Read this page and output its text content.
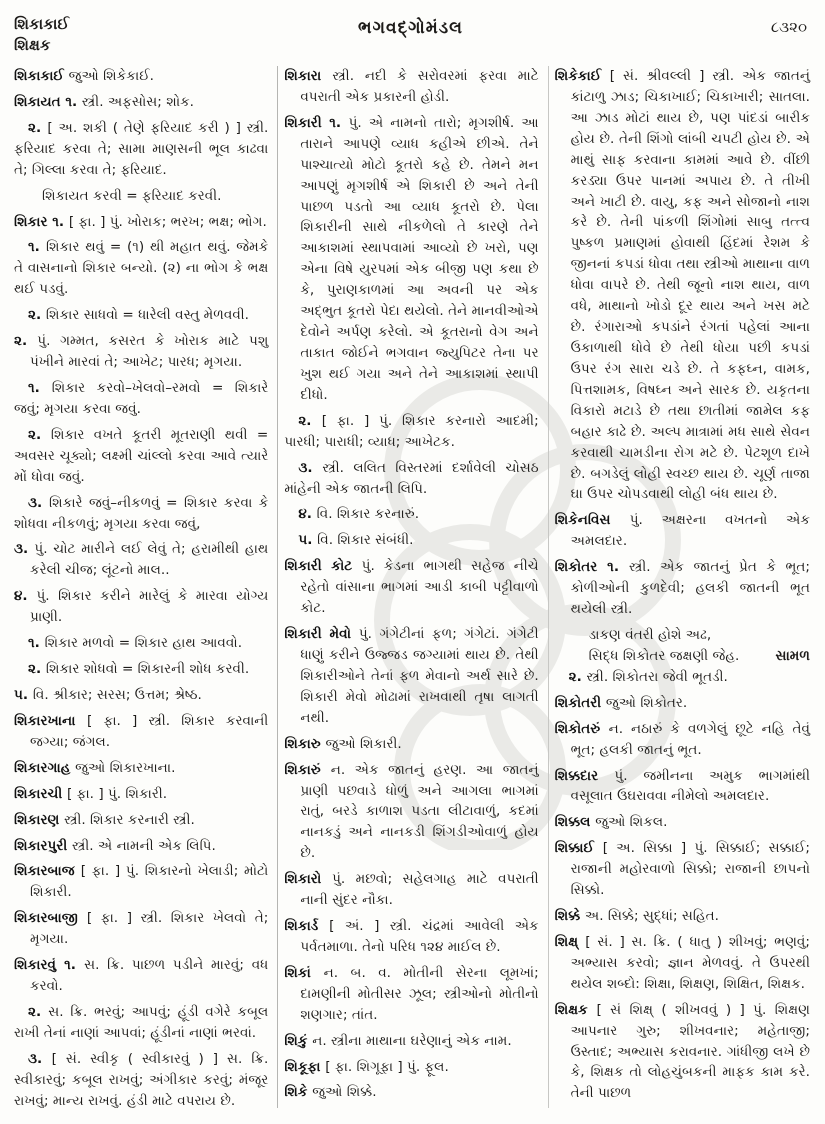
શિકાકાઈ
શિક્ષક
ભગવદ્ગોમંડલ	૮૩૨૦

શિકાકાઈ જુઓ શિકેકાઈ.

શિકાયત ૧. સ્ત્રી. અફસોસ; શોક.

૨. [ અ. શકી ( તેણે ફરિયાદ કરી ) ] સ્ત્રી. ફરિયાદ કરવા તે; સામા માણસની ભૂલ કાઢવા તે; ગિલ્લા કરવા તે; ફરિયાદ.

શિકાયત કરવી = ફરિયાદ કરવી.

શિકાર ૧. [ ફા. ] પું. ખોરાક; ભરખ; ભક્ષ; ભોગ.

૧. શિકાર થવું = (૧) થી મહાત થવું. જેમકે તે વાસનાનો શિકાર બન્યો. (૨) ના ભોગ કે ભક્ષ થઈ પડવું.

૨. શિકાર સાધવો = ધારેલી વસ્તુ મેળવવી.

૨. પું. ગમ્મત, કસરત કે ખોરાક માટે પશુ પંખીને મારવાં તે; આખેટ; પારધ; મૃગયા.

૧. શિકાર કરવો–ખેલવો–રમવો = શિકારે જવું; મૃગયા કરવા જવું.

૨. શિકાર વખતે કૂતરી મૂતરાણી થવી = અવસર ચૂક્યો; લક્ષ્મી ચાંલ્લો કરવા આવે ત્યારે મોં ધોવા જવું.

૩. શિકારે જવું–નીકળવું = શિકાર કરવા કે શોધવા નીકળવું; મૃગયા કરવા જવું,

૩. પું. ચોટ મારીને લઈ લેવું તે; હરામીથી હાથ કરેલી ચીજ; લૂંટનો માલ..

૪. પું. શિકાર કરીને મારેલું કે મારવા યોગ્ય પ્રાણી.

૧. શિકાર મળવો = શિકાર હાથ આવવો.

૨. શિકાર શોધવો = શિકારની શોધ કરવી.

૫. વિ. શ્રીકાર; સરસ; ઉત્તમ; શ્રેષ્ઠ.

શિકારખાના [ ફા. ] સ્ત્રી. શિકાર કરવાની જગ્યા; જંગલ.

શિકારગાહ જુઓ શિકારખાના.

શિકારચી [ ફા. ] પું. શિકારી.

શિકારણ સ્ત્રી. શિકાર કરનારી સ્ત્રી.

શિકારપુરી સ્ત્રી. એ નામની એક લિપિ.

શિકારબાજ [ ફા. ] પું. શિકારનો ખેલાડી; મોટો શિકારી.

શિકારબાજી [ ફા. ] સ્ત્રી. શિકાર ખેલવો તે; મૃગયા.

શિકારવું ૧. સ. ક્રિ. પાછળ પડીને મારવું; વધ કરવો.

૨. સ. ક્રિ. ભરવું; આપવું; હૂંડી વગેરે કબૂલ રાખી તેનાં નાણાં આપવાં; હૂંડીનાં નાણાં ભરવાં.

૩. [ સં. સ્વીકૃ ( સ્વીકારવું ) ] સ. ક્રિ. સ્વીકારવું; કબૂલ રાખવું; અંગીકાર કરવું; મંજૂર રાખવું; માન્ય રાખવું. હૂંડી માટે વપરાય છે.

શિકારા સ્ત્રી. નદી કે સરોવરમાં ફરવા માટે વપરાતી એક પ્રકારની હોડી.

શિકારી ૧. પું. એ નામનો તારો; મૃગશીર્ષ. આ તારાને આપણે વ્યાધ કહીએ છીએ. તેને પાશ્ચાત્યો મોટો કૂતરો કહે છે. તેમને મન આપણું મૃગશીર્ષ એ શિકારી છે અને તેની પાછળ પડતો આ વ્યાધ કૂતરો છે. પેલા શિકારીની સાથે નીકળેલો તે કારણે તેને આકાશમાં સ્થાપવામાં આવ્યો છે ખરો, પણ એના વિષે યુરપમાં એક બીજી પણ કથા છે કે, પુરાણકાળમાં આ અવની પર એક અદ્ભુત કૂતરો પેદા થયેલો. તેને માનવીઓએ દેવોને અર્પણ કરેલો. એ કૂતરાનો વેગ અને તાકાત જોઈને ભગવાન જ્યુપિટર તેના પર ખુશ થઈ ગયા અને તેને આકાશમાં સ્થાપી દીધો.

૨. [ ફા. ] પું. શિકાર કરનારો આદમી; પારધી; પારાધી; વ્યાધ; આખેટક.

૩. સ્ત્રી. લલિત વિસ્તરમાં દર્શાવેલી ચોસઠ માંહેની એક જાતની લિપિ.

૪. વિ. શિકાર કરનારું.

૫. વિ. શિકાર સંબંધી.

શિકારી કોટ પું. કેડના ભાગથી સહેજ નીચે રહેતો વાંસાના ભાગમાં આડી કાબી પટ્ટીવાળો કોટ.

શિકારી મેવો પું. ગંગેટીનાં ફળ; ગંગેટાં. ગંગેટી ધાણું કરીને ઉજ્જડ જગ્યામાં થાય છે. તેથી શિકારીઓને તેનાં ફળ મેવાનો અર્થ સારે છે. શિકારી મેવો મોઢામાં રાખવાથી તૃષા લાગતી નથી.

શિકારુ જુઓ શિકારી.

શિકારું ન. એક જાતનું હરણ. આ જાતનું પ્રાણી પછવાડે ધોળું અને આગલા ભાગમાં રાતું, બરડે કાળાશ પડતા લીટાવાળું, કદમાં નાનકડું અને નાનકડી શિંગડીઓવાળું હોય છે.

શિકારો પું. મછવો; સહેલગાહ માટે વપરાતી નાની સુંદર નૌકા.

શિકાર્ડ [ અં. ] સ્ત્રી. ચંદ્રમાં આવેલી એક પર્વતમાળા. તેનો પરિધ ૧૨૪ માઈલ છે.

શિકાં ન. બ. વ. મોતીની સેરના લૂમખાં; દામણીની મોતીસર ઝૂલ; સ્ત્રીઓનો મોતીનો શણગાર; તાંત.

શિકું ન. સ્ત્રીના માથાના ઘરેણાનું એક નામ.

શિકૂફા [ ફા. શિગૂફા ] પું. ફૂલ.

શિકે જુઓ શિક્કે.

શિકેકાઈ [ સં. શ્રીવલ્લી ] સ્ત્રી. એક જાતનું કાંટાળુ ઝાડ; ચિકાખાઈ; ચિકાખારી; સાતલા. આ ઝાડ મોટાં થાય છે, પણ પાંદડાં બારીક હોય છે. તેની શિંગો લાંબી ચપટી હોય છે. એ માથું સાફ કરવાના કામમાં આવે છે. વીંછી કરડ્યા ઉપર પાનમાં અપાય છે. તે તીખી અને ખાટી છે. વાયુ, કફ અને સોજાનો નાશ કરે છે. તેની પાંકળી શિંગોમાં સાબુ તત્ત્વ પુષ્કળ પ્રમાણમાં હોવાથી હિંદમાં રેશમ કે જીનનાં કપડાં ધોવા તથા સ્ત્રીઓ માથાના વાળ ધોવા વાપરે છે. તેથી જૂનો નાશ થાય, વાળ વધે, માથાનો ખોડો દૂર થાય અને ખસ મટે છે. રંગારાઓ કપડાંને રંગતાં પહેલાં આના ઉકાળાથી ધોવે છે તેથી ધોયા પછી કપડાં ઉપર રંગ સારા ચડે છે. તે કફઘ્ન, વામક, પિત્તશામક, વિષઘ્ન અને સારક છે. યકૃતના વિકારો મટાડે છે તથા છાતીમાં જામેલ કફ બહાર કાઢે છે. અલ્પ માત્રામાં મધ સાથે સેવન કરવાથી ચામડીના રોગ મટે છે. પેટશૂળ દાખે છે. બગડેલું લોહી સ્વચ્છ થાય છે. ચૂર્ણ તાજા ઘા ઉપર ચોપડવાથી લોહી બંધ થાય છે.

શિકેનવિસ પું. અક્ષરના વખતનો એક અમલદાર.

શિકોતર ૧. સ્ત્રી. એક જાતનું પ્રેત કે ભૂત; કોળીઓની કુળદેવી; હલકી જાતની ભૂત થયેલી સ્ત્રી.

ડાકણ વંતરી હોશે અઢ,

સામળ
સિદ્ધ શિકોતર જક્ષણી જેહ.

૨. સ્ત્રી. શિકોતરા જેવી ભૂતડી.

શિકોતરી જુઓ શિકોતર.

શિકોતરું ન. નઠારું કે વળગેલું છૂટે નહિ તેવું ભૂત; હલકી જાતનું ભૂત.

શિક્કદાર પું. જમીનના અમુક ભાગમાંથી વસૂલાત ઉઘરાવવા નીમેલો અમલદાર.

શિક્કલ જુઓ શિકલ.

શિક્કાઈ [ અ. સિક્કા ] પું. સિક્કાઈ; સક્કાઈ; રાજાની મહોરવાળો સિક્કો; રાજાની છાપનો સિક્કો.

શિક્કે અ. સિક્કે; સુદ્ધાં; સહિત.

શિક્ષ્ [ સં. ] સ. ક્રિ. ( ધાતુ ) શીખવું; ભણવું; અભ્યાસ કરવો; જ્ઞાન મેળવવું. તે ઉપરથી થયેલ શબ્દો: શિક્ષા, શિક્ષણ, શિક્ષિત, શિક્ષક.

શિક્ષક [ સં શિક્ષ્ ( શીખવવું ) ] પું. શિક્ષણ આપનાર ગુરુ; શીખવનાર; મહેતાજી; ઉસ્તાદ; અભ્યાસ કરાવનાર. ગાંધીજી લખે છે કે, શિક્ષક તો લોહચુંબકની માફક કામ કરે. તેની પાછળ
